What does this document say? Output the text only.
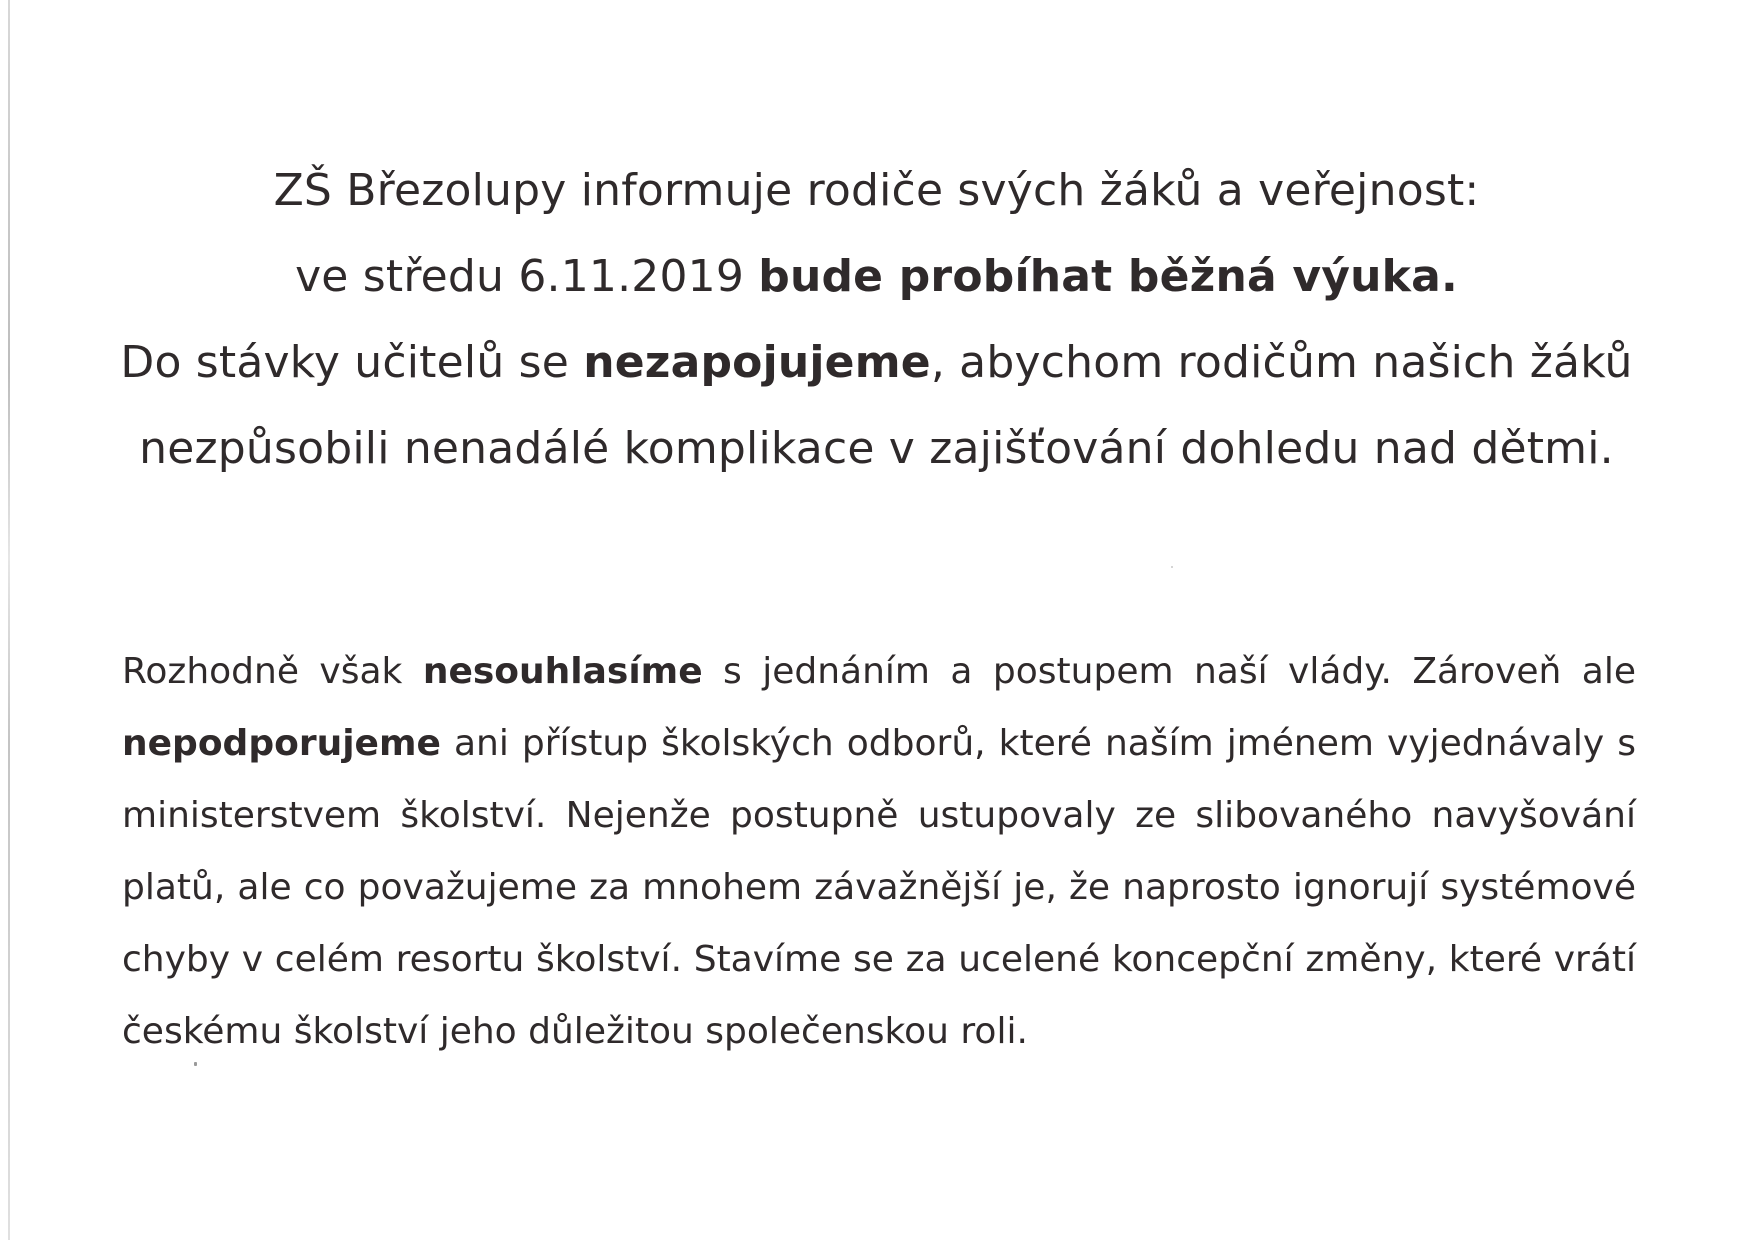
ZŠ Březolupy informuje rodiče svých žáků a veřejnost:
ve středu 6.11.2019 bude probíhat běžná výuka.
Do stávky učitelů se nezapojujeme, abychom rodičům našich žáků
nezpůsobili nenadálé komplikace v zajišťování dohledu nad dětmi.
Rozhodně však nesouhlasíme s jednáním a postupem naší vlády. Zároveň ale nepodporujeme ani přístup školských odborů, které naším jménem vyjednávaly s ministerstvem školství. Nejenže postupně ustupovaly ze slibovaného navyšování platů, ale co považujeme za mnohem závažnější je, že naprosto ignorují systémové chyby v celém resortu školství. Stavíme se za ucelené koncepční změny, které vrátí českému školství jeho důležitou společenskou roli.
